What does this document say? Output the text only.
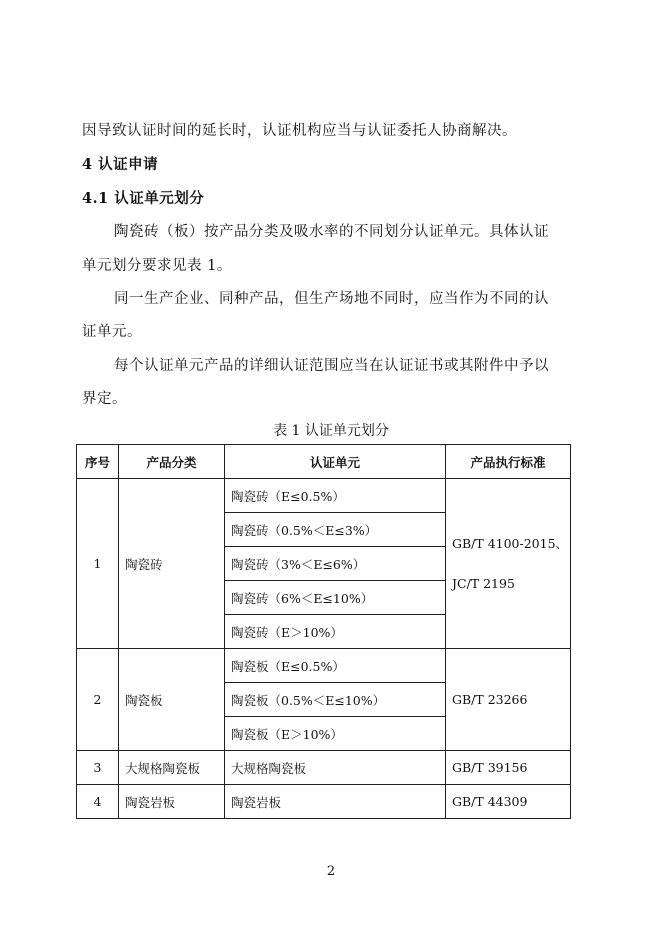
因导致认证时间的延长时，认证机构应当与认证委托人协商解决。
4 认证申请
4.1 认证单元划分
陶瓷砖（板）按产品分类及吸水率的不同划分认证单元。具体认证
单元划分要求见表 1。
同一生产企业、同种产品，但生产场地不同时，应当作为不同的认
证单元。
每个认证单元产品的详细认证范围应当在认证证书或其附件中予以
界定。
表 1 认证单元划分
序号	产品分类	认证单元	产品执行标准
1	陶瓷砖	陶瓷砖（E≤0.5%）	GB/T 4100-2015、
JC/T 2195

		陶瓷砖（0.5%＜E≤3%）	
		陶瓷砖（3%＜E≤6%）	
		陶瓷砖（6%＜E≤10%）	
		陶瓷砖（E＞10%）	
2	陶瓷板	陶瓷板（E≤0.5%）	GB/T 23266
		陶瓷板（0.5%＜E≤10%）	
		陶瓷板（E＞10%）	
3	大规格陶瓷板	大规格陶瓷板	GB/T 39156
4	陶瓷岩板	陶瓷岩板	GB/T 44309
2
